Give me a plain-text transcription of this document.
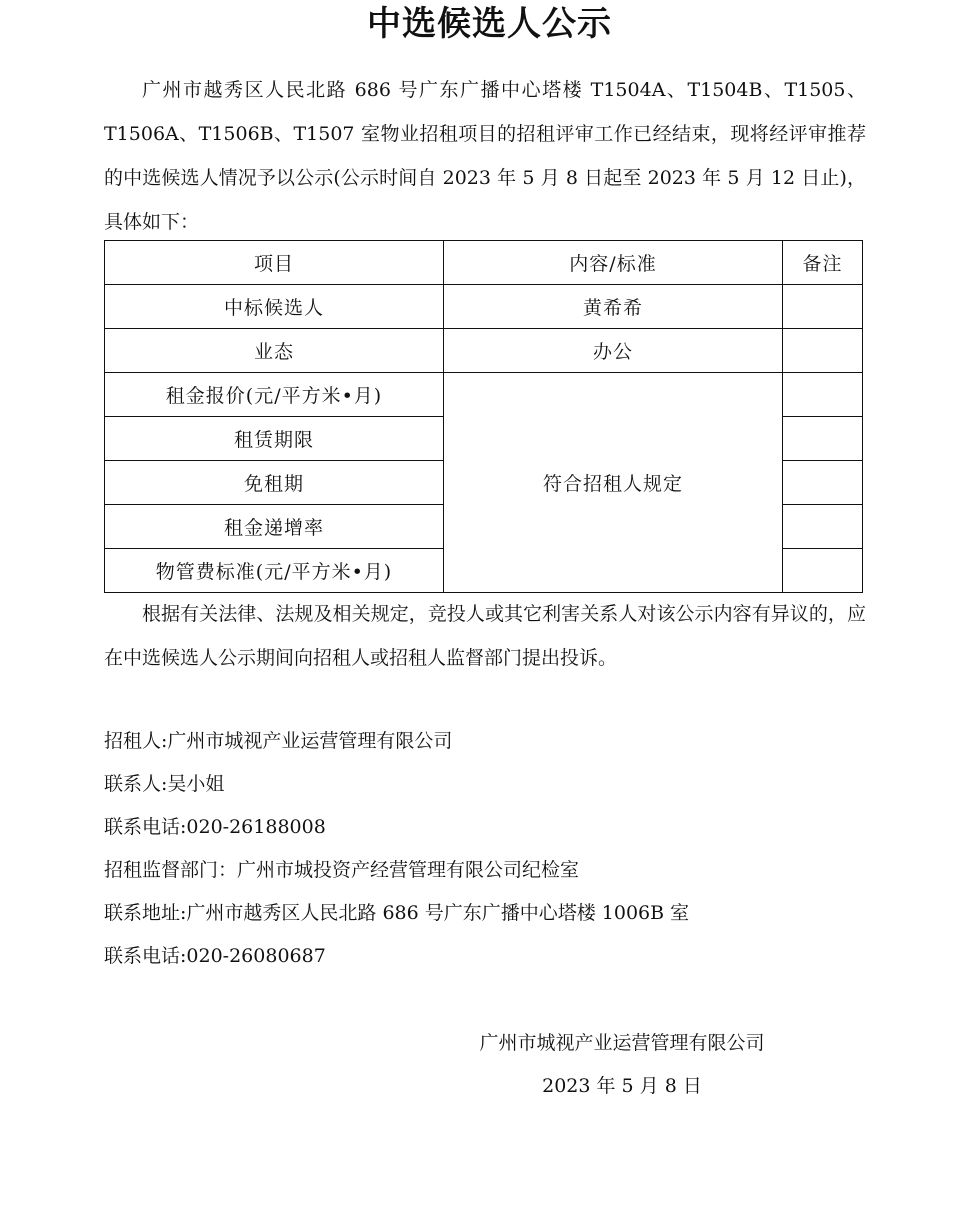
中选候选人公示

广州市越秀区人民北路 686 号广东广播中心塔楼 T1504A、T1504B、T1505、T1506A、T1506B、T1507 室物业招租项目的招租评审工作已经结束，现将经评审推荐的中选候选人情况予以公示(公示时间自 2023 年 5 月 8 日起至 2023 年 5 月 12 日止)，具体如下：

项目	内容/标准	备注
中标候选人	黄希希	
业态	办公	
租金报价(元/平方米•月)	符合招租人规定	
租赁期限		
免租期		
租金递增率		
物管费标准(元/平方米•月)		

根据有关法律、法规及相关规定，竞投人或其它利害关系人对该公示内容有异议的，应在中选候选人公示期间向招租人或招租人监督部门提出投诉。

招租人:广州市城视产业运营管理有限公司
联系人:吴小姐
联系电话:020-26188008
招租监督部门：广州市城投资产经营管理有限公司纪检室
联系地址:广州市越秀区人民北路 686 号广东广播中心塔楼 1006B 室
联系电话:020-26080687
广州市城视产业运营管理有限公司
2023 年 5 月 8 日
